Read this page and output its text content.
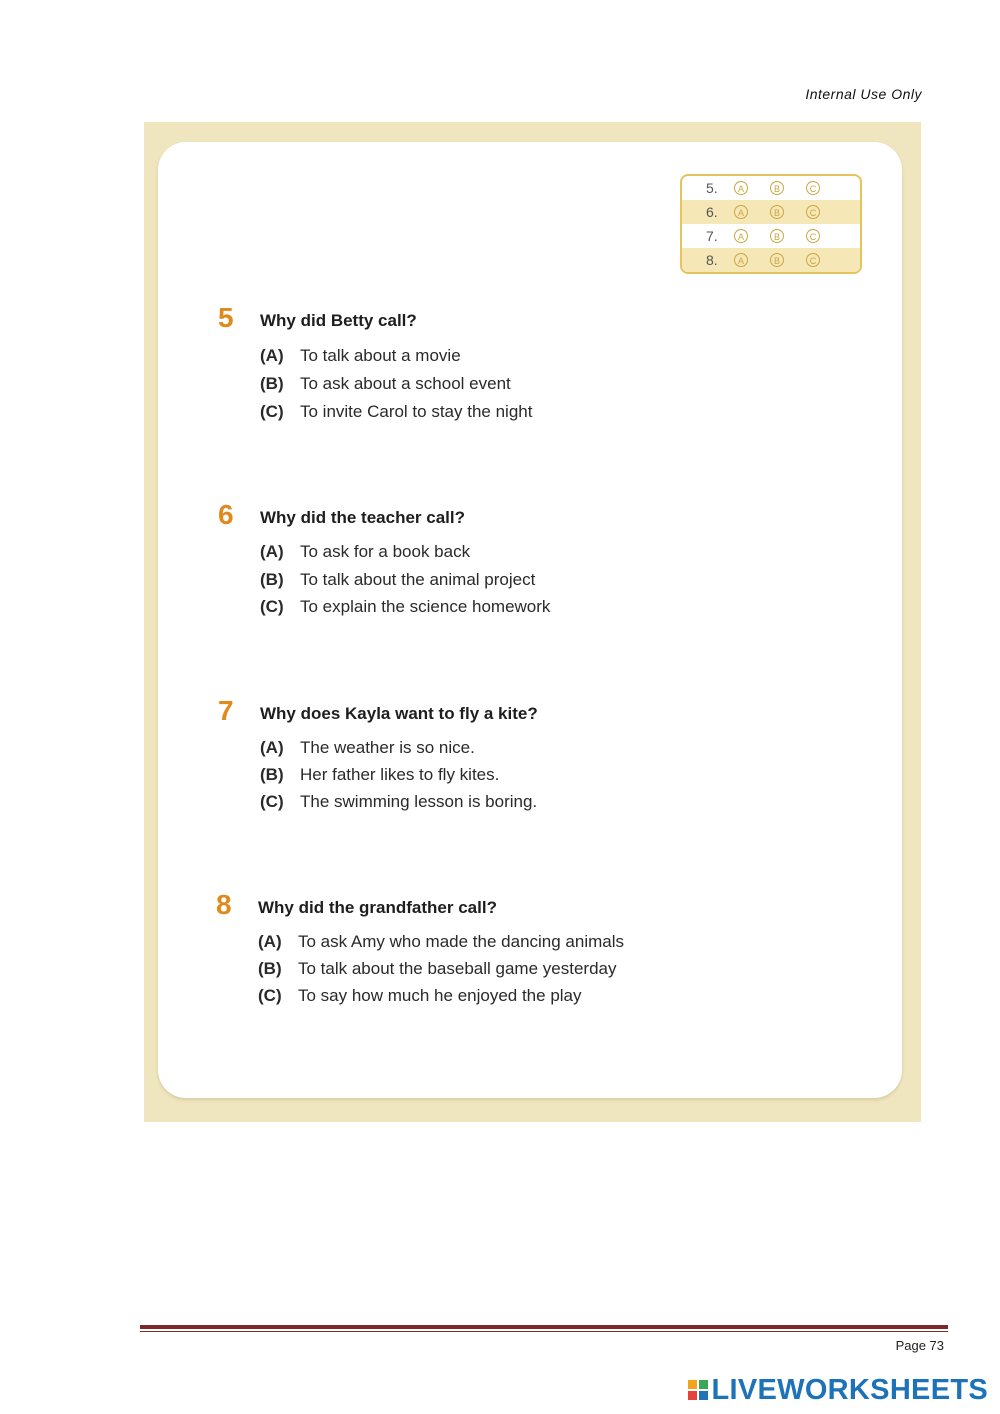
Internal Use Only
5.	A	B	C
6.	A	B	C
7.	A	B	C
8.	A	B	C
5 Why did Betty call?
(A) To talk about a movie
(B) To ask about a school event
(C) To invite Carol to stay the night
6 Why did the teacher call?
(A) To ask for a book back
(B) To talk about the animal project
(C) To explain the science homework
7 Why does Kayla want to fly a kite?
(A) The weather is so nice.
(B) Her father likes to fly kites.
(C) The swimming lesson is boring.
8 Why did the grandfather call?
(A) To ask Amy who made the dancing animals
(B) To talk about the baseball game yesterday
(C) To say how much he enjoyed the play
Page 73
LIVEWORKSHEETS
